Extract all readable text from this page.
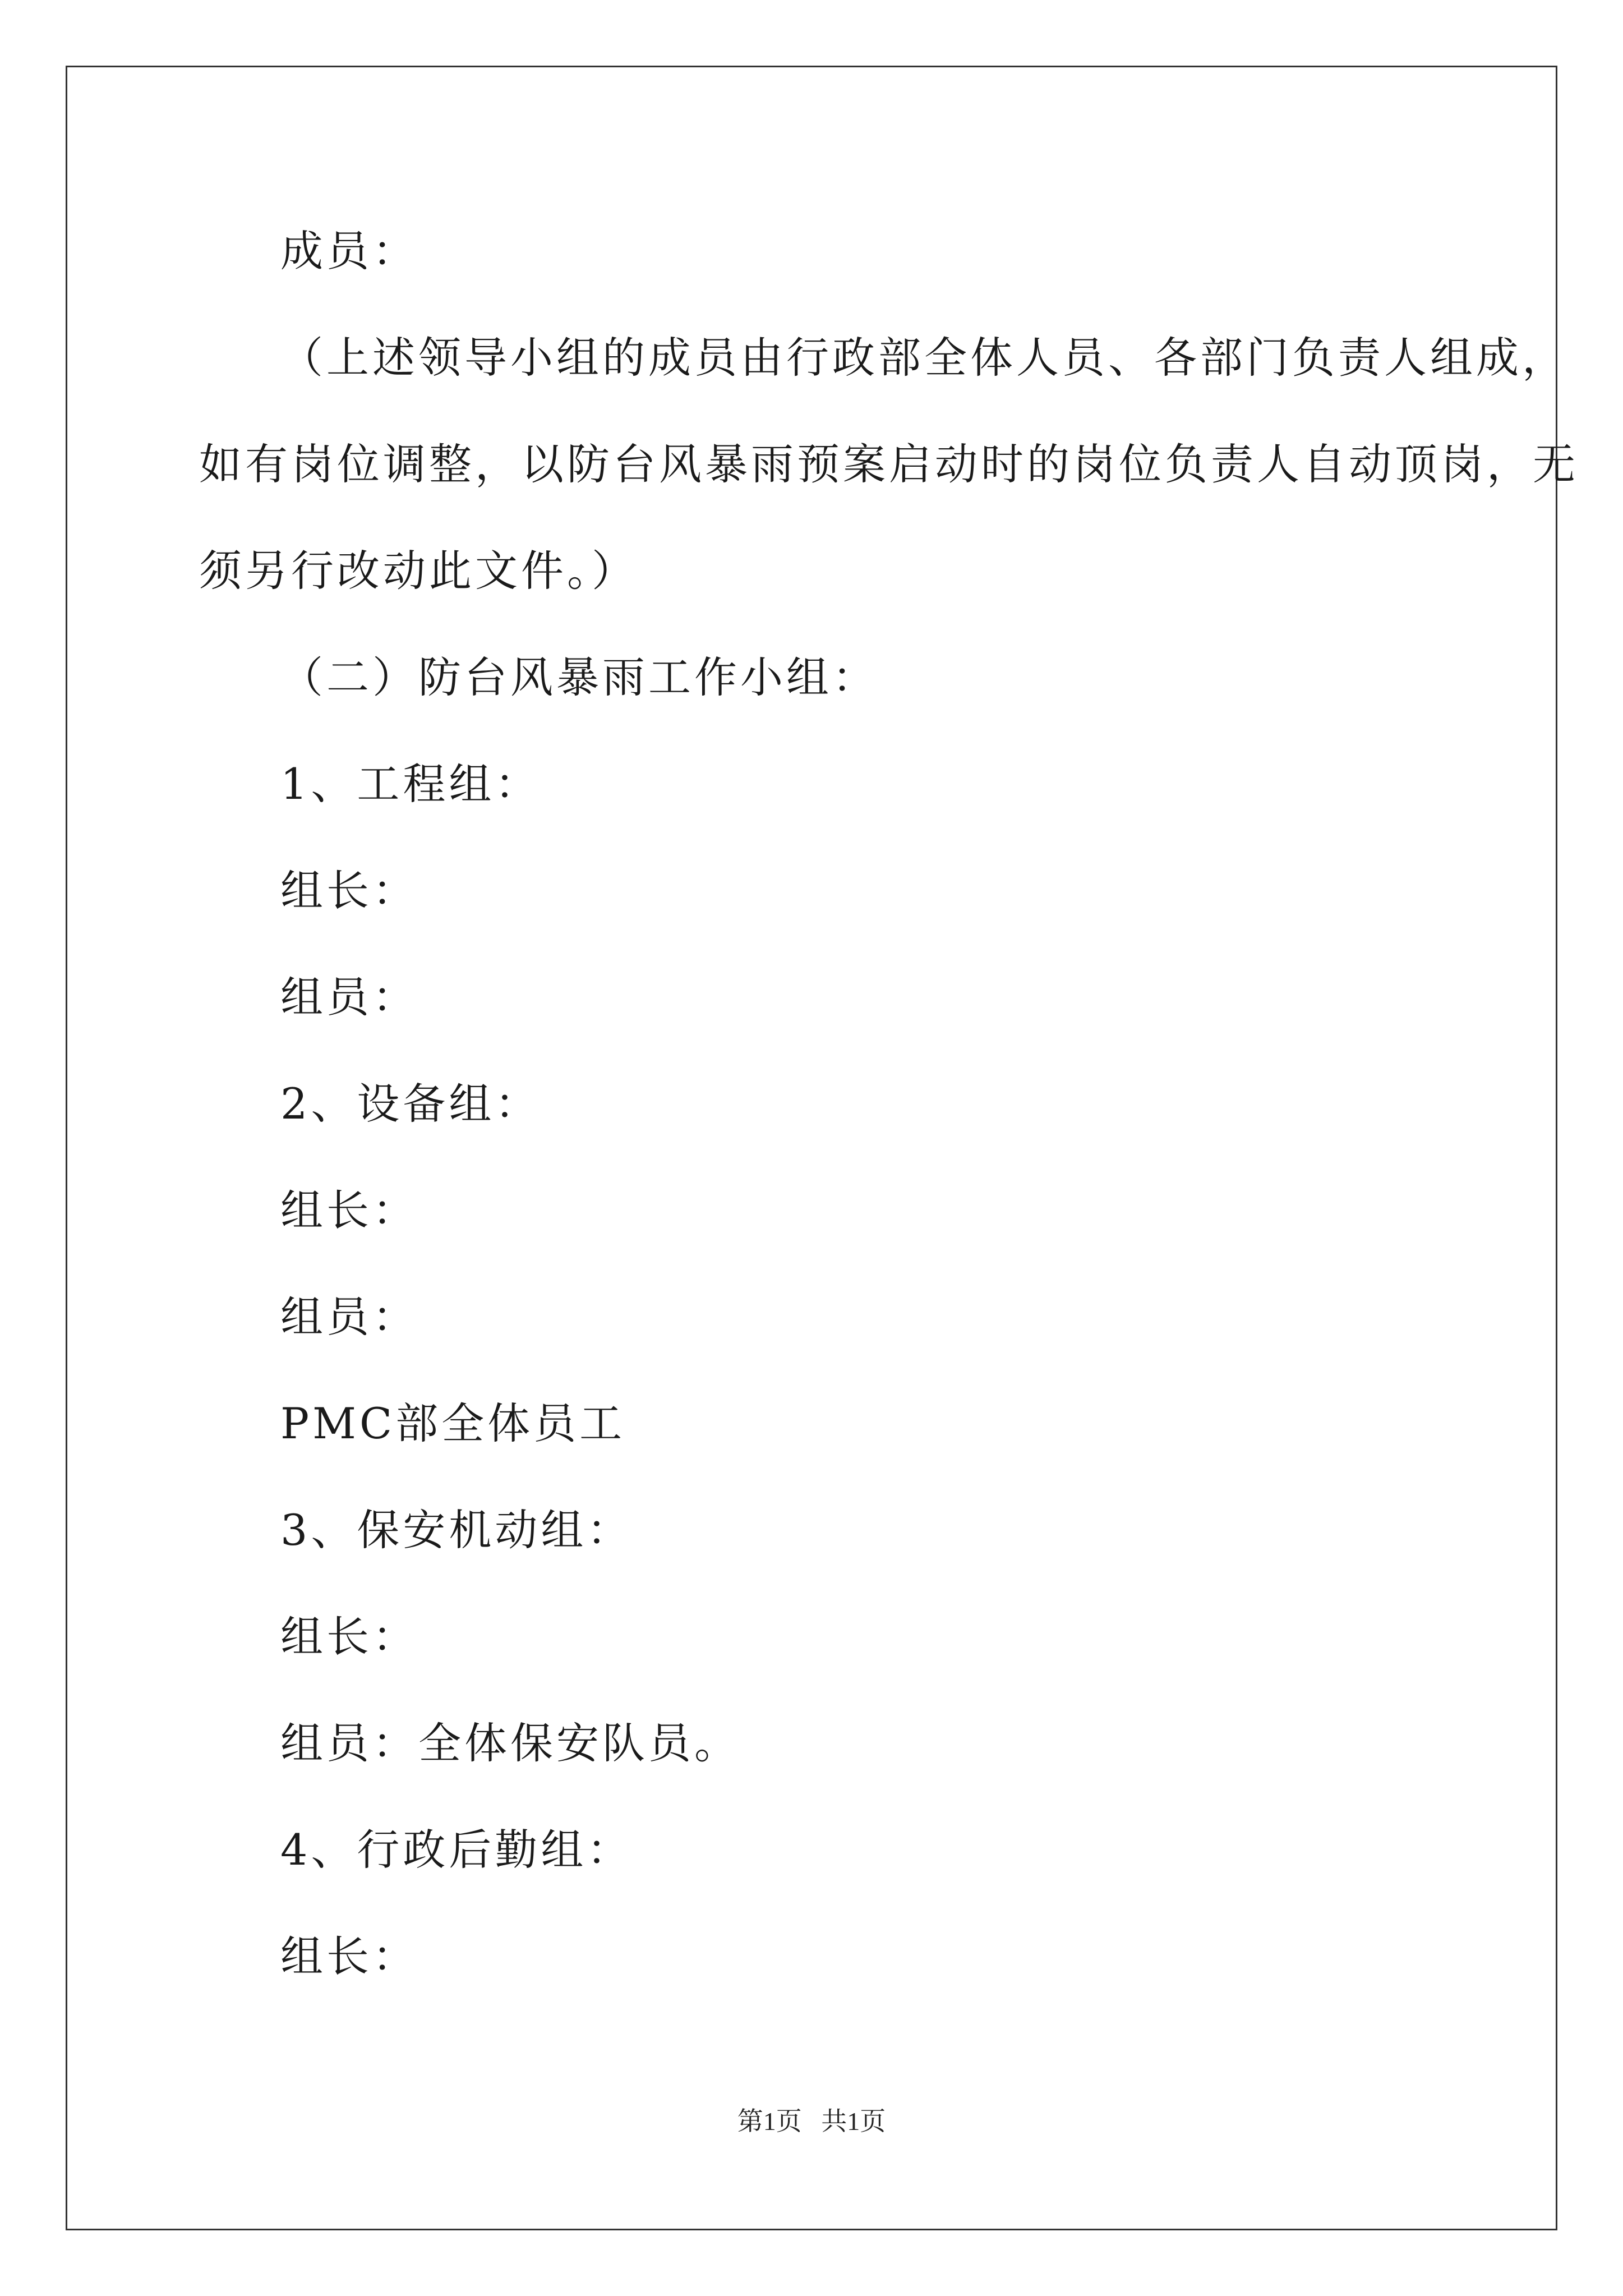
成员：
（上述领导小组的成员由行政部全体人员、各部门负责人组成，
如有岗位调整，以防台风暴雨预案启动时的岗位负责人自动顶岗，无
须另行改动此文件。）
（二）防台风暴雨工作小组：
1、工程组：
组长：
组员：
2、设备组：
组长：
组员：
PMC部全体员工
3、保安机动组：
组长：
组员：全体保安队员。
4、行政后勤组：
组长：
第1页   共1页
